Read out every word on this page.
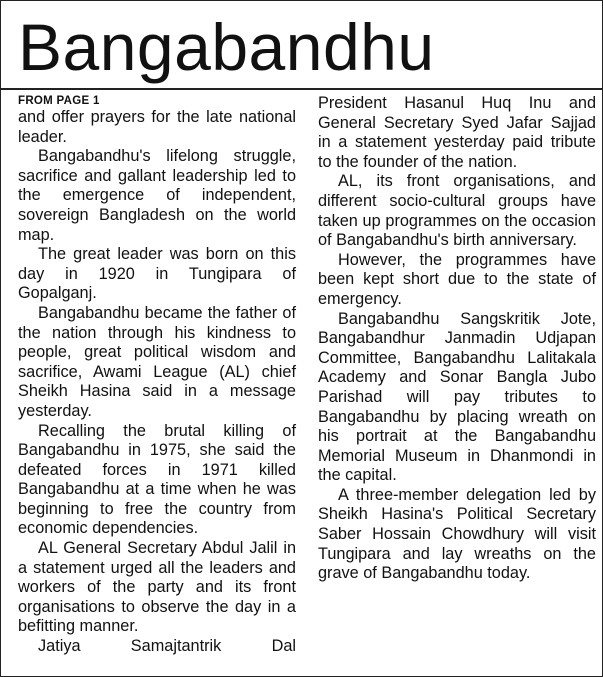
Bangabandhu
FROM PAGE 1

and offer prayers for the late national leader.

Bangabandhu's lifelong struggle, sacrifice and gallant leadership led to the emergence of independent, sovereign Bangladesh on the world map.

The great leader was born on this day in 1920 in Tungipara of Gopalganj.

Bangabandhu became the father of the nation through his kindness to people, great political wisdom and sacrifice, Awami League (AL) chief Sheikh Hasina said in a message yesterday.

Recalling the brutal killing of Bangabandhu in 1975, she said the defeated forces in 1971 killed Bangabandhu at a time when he was beginning to free the country from economic dependencies.

AL General Secretary Abdul Jalil in a statement urged all the leaders and workers of the party and its front organisations to observe the day in a befitting manner.

Jatiya Samajtantrik Dal

President Hasanul Huq Inu and General Secretary Syed Jafar Sajjad in a statement yesterday paid tribute to the founder of the nation.

AL, its front organisations, and different socio-cultural groups have taken up programmes on the occasion of Bangabandhu's birth anniversary.

However, the programmes have been kept short due to the state of emergency.

Bangabandhu Sangskritik Jote, Bangabandhur Janmadin Udjapan Committee, Bangabandhu Lalitakala Academy and Sonar Bangla Jubo Parishad will pay tributes to Bangabandhu by placing wreath on his portrait at the Bangabandhu Memorial Museum in Dhanmondi in the capital.

A three-member delegation led by Sheikh Hasina's Political Secretary Saber Hossain Chowdhury will visit Tungipara and lay wreaths on the grave of Bangabandhu today.
